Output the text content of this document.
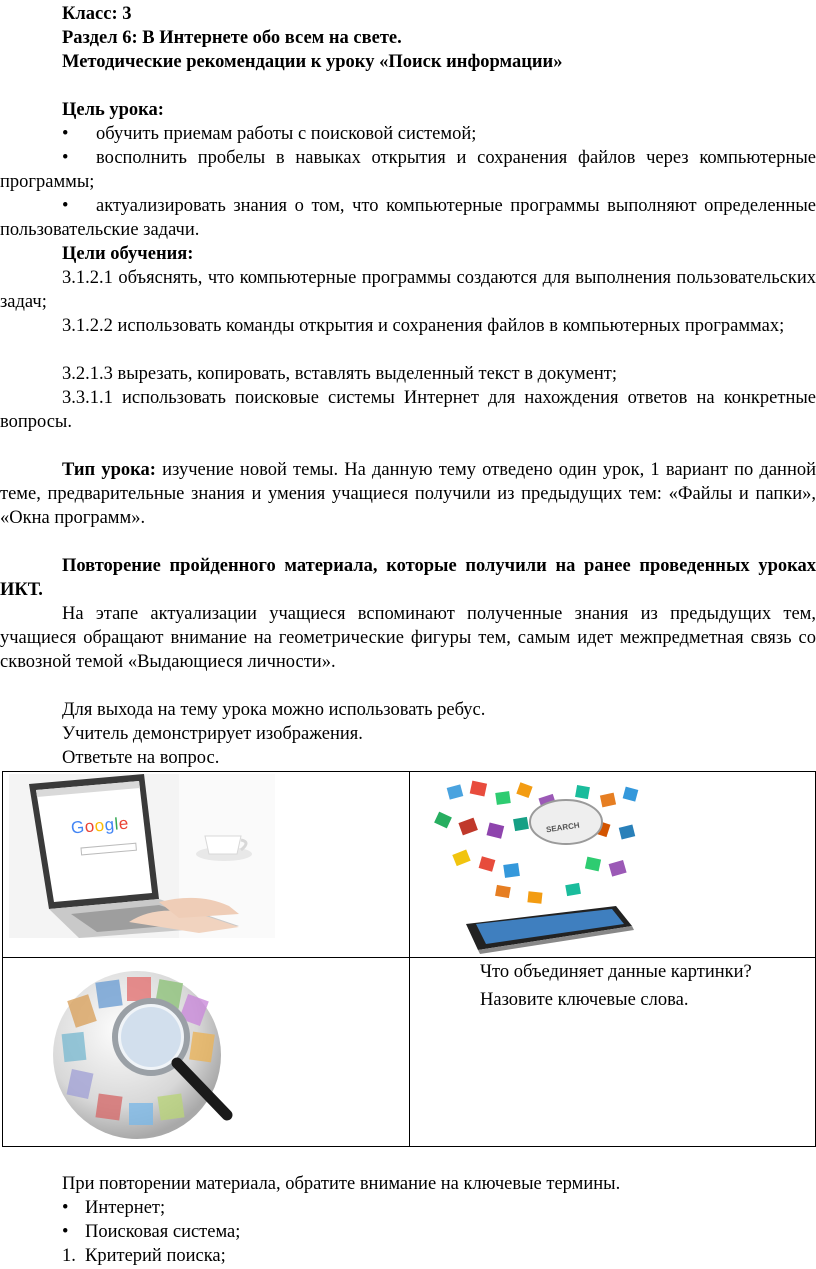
Класс: 3
Раздел 6: В Интернете обо всем на свете.
Методические рекомендации к уроку «Поиск информации»
Цель урока:
• обучить приемам работы с поисковой системой;
• восполнить пробелы в навыках открытия и сохранения файлов через компьютерные программы;
• актуализировать знания о том, что компьютерные программы выполняют определенные пользовательские задачи.
Цели обучения:
3.1.2.1 объяснять, что компьютерные программы создаются для выполнения пользовательских задач;
3.1.2.2 использовать команды открытия и сохранения файлов в компьютерных программах;
3.2.1.3 вырезать, копировать, вставлять выделенный текст в документ;
3.3.1.1 использовать поисковые системы Интернет для нахождения ответов на конкретные вопросы.
Тип урока: изучение новой темы. На данную тему отведено один урок, 1 вариант по данной теме, предварительные знания и умения учащиеся получили из предыдущих тем: «Файлы и папки», «Окна программ».
Повторение пройденного материала, которые получили на ранее проведенных уроках ИКТ.
На этапе актуализации учащиеся вспоминают полученные знания из предыдущих тем, учащиеся обращают внимание на геометрические фигуры тем, самым идет межпредметная связь со сквозной темой «Выдающиеся личности».
Для выхода на тему урока можно использовать ребус.
Учитель демонстрирует изображения.
Ответьте на вопрос.
Google	SEARCH
Что объединяет данные картинки?
Назовите ключевые слова.
При повторении материала, обратите внимание на ключевые термины.
• Интернет;
• Поисковая система;
1. Критерий поиска;
